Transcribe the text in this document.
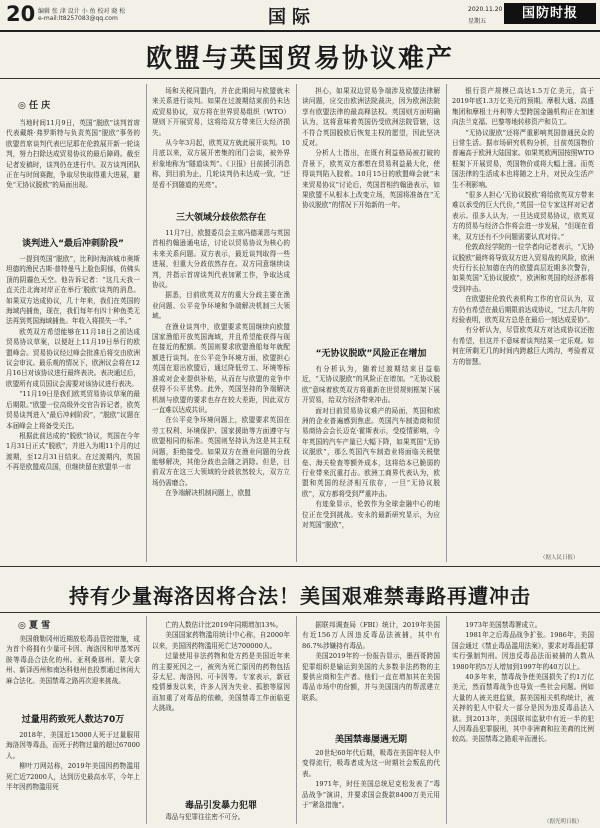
20 编辑 张 津 设计 小 鱼 校对 晓 松
e-mail:lt8257083@qq.com	国际	2020.11.20
星期五
国防时报
欧盟与英国贸易协议难产
◎ 任 庆

当地时间11月9日，英国“脱欧”谈判首席代表戴维·弗罗斯特与负责英国“脱欧”事务的欧盟首席谈判代表巴尼耶在伦敦展开新一轮谈判，努力扫除达成贸易协议的最后障碍。截至记者发稿时，谈判仍在进行中。双方谈判团队正在与时间赛跑，争取尽快取得重大进展，避免“无协议脱欧”的局面出现。

谈判进入“最后冲刺阶段”

一提到英国“脱欧”，比利时海滨城市奥斯坦德的渔民古斯·普特曼马上脸色阴郁，仿佛头顶的阴霾色天空。他告诉记者：“这几天我一直关注北海对岸正在举行‘脱欧’谈判的消息。如果双方达成协议，几十年来，我们在英国的海域内捕鱼，现在，我们每年有四十种鱼类无法再到英国海域捕鱼。年收入将损失一半。”

欧英双方希望能够在11月18日之前达成贸易协议草案，以便赶上11月19日举行的欧盟峰会。贸易协议经过峰会批准后将交由欧洲议会审议。最乐观的情况下，欧洲议会将在12月16日对该协议进行最终表决。表决通过后，欧盟所有成员国议会需要对该协议进行表决。

“11月19日是我们欧英贸易协议草案的最后期限。”欧盟一位高级外交官告诉记者，欧英贸易谈判进入“最后冲刺阶段”，“脱欧”议题在本届峰会上将备受关注。

根据此前达成的“脱欧”协议，英国在今年1月31日正式“脱欧”，并进入为期11个月的过渡期，至12月31日结束。在过渡期内，英国不再是欧盟成员国，但继续留在欧盟单一市

场和关税同盟内，并在此期间与欧盟就未来关系进行谈判。如果在过渡期结束前仍未达成贸易协议，双方将在世界贸易组织（WTO）规则下开展贸易，这将给双方带来巨大经济损失。

从今年3月起，欧英双方就此展开谈判。10月底以来，双方展开密集的闭门会谈，被外界形象地称为“隧道谈判”。《卫报》日前援引消息称，到目前为止，几轮谈判仍未达成一致，“还是看不到隧道的光亮”。

三大领域分歧依然存在

11月7日，欧盟委员会主席冯德莱恩与英国首相约翰逊通电话，讨论以贸易协议为核心的未来关系问题。双方表示，最近谈判取得一些进展，但重大分歧依然存在。双方同意继续谈判，并指示首席谈判代表加紧工作，争取达成协议。

据悉，目前欧英双方的重大分歧主要在渔业问题、公平竞争环境和争端解决机制三大领域。

在渔业谈判中，欧盟要求英国继续向欧盟国家渔船开放英国海域，并且希望能获得与现在接近的配额。英国则要求欧盟渔船每年就配额进行谈判。在公平竞争环境方面，欧盟担心英国在退出欧盟后，通过降低劳工、环境等标准或对企业提供补贴，从而在与欧盟的竞争中获得不公平优势。此外，英国坚持的争端解决机制与欧盟的要求也存在较大差距，因此双方一直难以达成共识。

在公平竞争环境问题上，欧盟要求英国在劳工权利、环境保护、国家援助等方面遵守与欧盟相同的标准。英国则坚持认为这是其主权问题，拒绝接受。如果双方在渔业问题的分歧能够解决，其他分歧也会随之消除。但是，目前双方在这三大领域的分歧依然较大，双方立场仍需磨合。

在争端解决机制问题上，欧盟

担心，如果双边贸易争端涉及欧盟法律解读问题，应交由欧洲法院裁决，因为欧洲法院享有欧盟法律的最高释法权。英国则方面明确认为，这将意味着英国仍受欧洲法院管辖，这不符合英国脱欧后恢复主权的愿望，因此坚决反对。

分析人士指出，在既有利益格局被打破的背景下，欧英双方都想在贸易利益最大化，使得谈判陷入胶着。10月15日的欧盟峰会就“未来贸易协议”讨论后，英国首相约翰逊表示，如果欧盟不从根本上改变立场，英国将准备在“无协议脱欧”的情况下开始新的一年。

“无协议脱欧”风险正在增加

有分析认为，随着过渡期结束日益临近，“无协议脱欧”的风险正在增加。“无协议脱欧”意味着欧英双方将重新在世贸规则框架下展开贸易，给双方经济带来冲击。

面对目前贸易协议难产的局面，英国和欧洲的企业普遍感到焦虑。英国汽车制造商和贸易商协会会长迈克·霍斯表示，受疫情影响，今年英国的汽车产量已大幅下降，如果英国“无协议脱欧”，那么英国汽车制造业将面临关税壁垒、海关检查等额外成本，这将给本已脆弱的行业带来沉重打击。欧洲工商界代表认为，欧盟和英国的经济相互依存，一旦“无协议脱欧”，双方都将受到严重冲击。

有迹象显示，伦敦作为全球金融中心的地位正在受到挑战。安永的最新研究显示，为应对英国“脱欧”，

银行资产规模已高达1.5万亿美元，高于2019年底1.3万亿美元的预期。摩根大通、高盛集团和摩根士丹利等大型跨国金融机构正在加速向法兰克福、巴黎等地转移资产和员工。

“无协议脱欧”还将严重影响英国普通民众的日常生活。据市场研究机构分析，目前英国物价普遍高于欧洲大陆国家。如果英欧两国按照WTO框架下开展贸易，英国物价或将大幅上涨。而英国法律的生活成本也将随之上升，对民众生活产生不利影响。

“很多人担心‘无协议脱欧’将给欧英双方带来难以承受的巨大代价，”英国一位专家这样对记者表示。很多人认为，一旦达成贸易协议，欧英双方的贸易与经济合作将会进一步发展，“但现在看来，双方还有不少问题需要认真对待。”

伦敦政经学院的一位学者向记者表示，“无协议脱欧”最终将导致双方进入贸易战的风险，欧洲央行行长拉加德在内的欧盟高层近期多次警告，如果英国“无协议脱欧”，欧洲和英国的经济都将受到冲击。

在欧盟驻伦敦代表机构工作的官员认为，双方仍有希望在最后期限前达成协议，“过去几年的经验表明，欧英双方总是在最后一刻达成妥协”。

有分析认为，尽管欧英双方对达成协议还抱有希望，但这并不意味着谈判结果一定乐观。如何在所剩无几的时间内跨越巨大鸿沟，考验着双方的智慧。

（据人民日报）
持有少量海洛因将合法！美国艰难禁毒路再遭冲击
◎ 夏 雪

美国俄勒冈州近期放松毒品管控措施，成为首个将拥有少量可卡因、海洛因和甲基苯丙胺等毒品合法化的州。亚利桑那州、蒙大拿州、新泽西州和南达科他州也投票通过休闲大麻合法化。美国禁毒之路再次迎来挑战。

过量用药致死人数达70万

2018年，美国近15000人死于过量服用海洛因等毒品，而死于药物过量的超过67000人。

柳叶刀网站称，2019年美国因药物滥用死亡近72000人，达到历史最高水平，今年上半年因药物滥用死

亡的人数估计比2019年同期增加13%。

美国国家药物滥用统计中心称，自2000年以来，美国因药物滥用死亡达700000人。

过量使用非法药物和处方药是美国近年来的主要死因之一，被列为死亡原因的药物包括芬太尼、海洛因、可卡因等。专家表示，新冠疫情暴发以来，许多人因为失业、孤独等原因而加重了对毒品的依赖，美国禁毒工作面临更大挑战。

毒品引发暴力犯罪

毒品与犯罪往往密不可分。

据联邦调查局（FBI）统计，2019年美国有近156万人因违反毒品法被捕，其中有86.7%涉嫌持有毒品。

美国2019年的一份报告显示，墨西哥跨国犯罪组织是输运到美国的大多数非法药物的主要供应商和生产者。他们一直在增加其在美国毒品市场中的份额，并与美国国内的帮派建立联系。

美国禁毒屡遇无期

20世纪60年代后期，吸毒在美国年轻人中变得流行，吸毒者成为这一时期社会叛乱的代表。

1971年，时任美国总统尼克松发表了“毒品战争”演讲，并要求国会拨款8400万美元用于“紧急措施”。

1973年美国禁毒署成立。

1981年之后毒品战争扩张。1986年，美国国会通过《禁止毒品滥用法案》，要求对毒品犯罪实行强制判刑。因违反毒品法而被捕的人数从1980年的5万人增加到1997年的40万以上。

40多年来，禁毒战争使美国损失了约1万亿美元，然而禁毒战争也导致一些社会问题。例如大量的人被关进监狱，据美国相关机构统计，被关押的犯人中很大一部分是因为违反毒品法入狱。到2013年，美国联邦监狱中有近一半的犯人因毒品犯罪服刑，其中非洲裔和拉美裔的比例较高。美国禁毒之路艰辛而漫长。

（据光明日报）
